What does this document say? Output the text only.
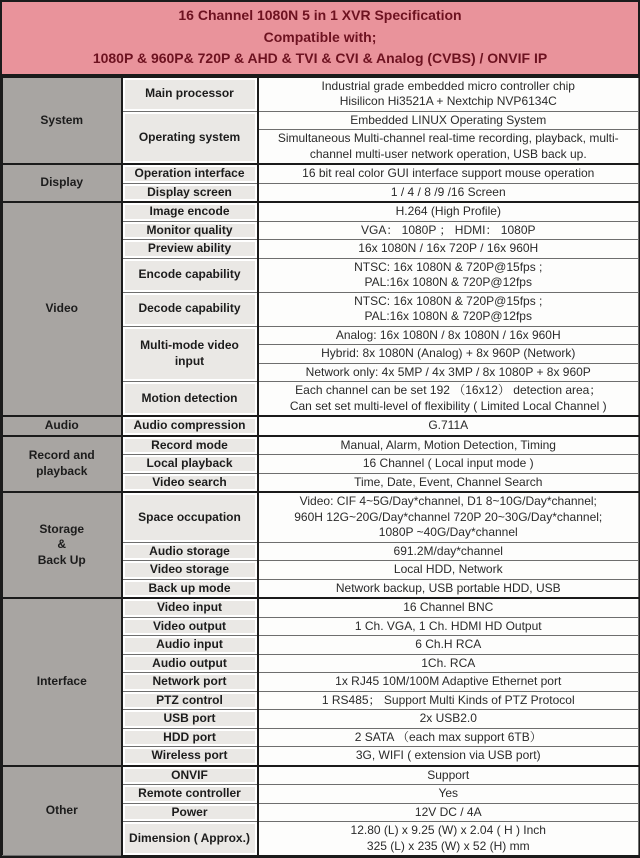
16 Channel 1080N 5 in 1 XVR Specification
Compatible with;
1080P & 960P& 720P & AHD & TVI & CVI & Analog (CVBS) / ONVIF IP
System	Main processor	Industrial grade embedded micro controller chip
Hisilicon Hi3521A + Nextchip NVP6134C
	Operating system	Embedded LINUX Operating System
		Simultaneous Multi-channel real-time recording, playback, multi-
channel multi-user network operation, USB back up.
Display	Operation interface	16 bit real color GUI interface support mouse operation
	Display screen	1 / 4 / 8 /9 /16 Screen
Video	Image encode	H.264 (High Profile)
	Monitor quality	VGA： 1080P ； HDMI： 1080P
	Preview ability	16x 1080N / 16x 720P / 16x 960H
	Encode capability	NTSC: 16x 1080N & 720P@15fps ;
PAL:16x 1080N & 720P@12fps
	Decode capability	NTSC: 16x 1080N & 720P@15fps ;
PAL:16x 1080N & 720P@12fps
	Multi-mode video input	Analog: 16x 1080N / 8x 1080N / 16x 960H
		Hybrid: 8x 1080N (Analog) + 8x 960P (Network)
		Network only: 4x 5MP / 4x 3MP / 8x 1080P + 8x 960P
	Motion detection	Each channel can be set 192 （16x12） detection area；
Can set set multi-level of flexibility ( Limited Local Channel )
Audio	Audio compression	G.711A
Record and playback	Record mode	Manual, Alarm, Motion Detection, Timing
	Local playback	16 Channel ( Local input mode )
	Video search	Time, Date, Event, Channel Search
Storage
&
Back Up	Space occupation	Video: CIF 4~5G/Day*channel, D1 8~10G/Day*channel;
960H 12G~20G/Day*channel 720P 20~30G/Day*channel;
1080P ~40G/Day*channel
	Audio storage	691.2M/day*channel
	Video storage	Local HDD, Network
	Back up mode	Network backup, USB portable HDD, USB
Interface	Video input	16 Channel BNC
	Video output	1 Ch. VGA, 1 Ch. HDMI HD Output
	Audio input	6 Ch.H RCA
	Audio output	1Ch. RCA
	Network port	1x RJ45 10M/100M Adaptive Ethernet port
	PTZ control	1 RS485； Support Multi Kinds of PTZ Protocol
	USB port	2x USB2.0
	HDD port	2 SATA （each max support 6TB）
	Wireless port	3G, WIFI ( extension via USB port)
Other	ONVIF	Support
	Remote controller	Yes
	Power	12V DC / 4A
	Dimension ( Approx.)	12.80 (L) x 9.25 (W) x 2.04 ( H ) Inch
325 (L) x 235 (W) x 52 (H) mm
